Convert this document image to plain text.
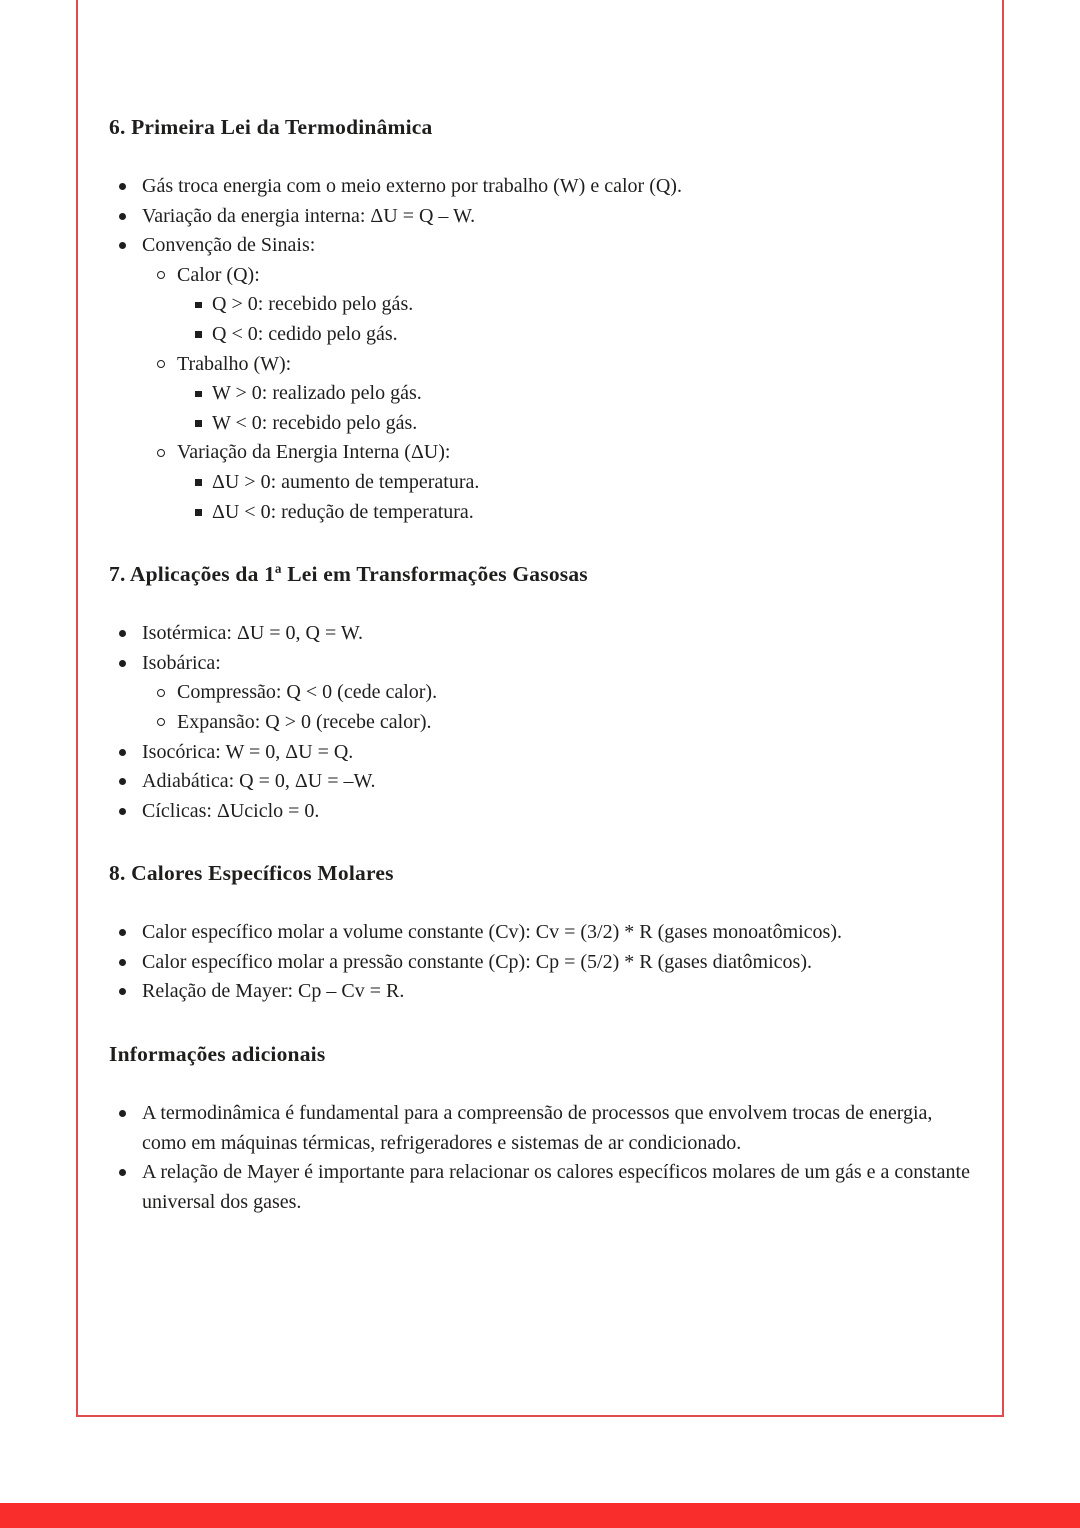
6. Primeira Lei da Termodinâmica
Gás troca energia com o meio externo por trabalho (W) e calor (Q).
Variação da energia interna: ΔU = Q – W.
Convenção de Sinais:
Calor (Q):
Q > 0: recebido pelo gás.
Q < 0: cedido pelo gás.
Trabalho (W):
W > 0: realizado pelo gás.
W < 0: recebido pelo gás.
Variação da Energia Interna (ΔU):
ΔU > 0: aumento de temperatura.
ΔU < 0: redução de temperatura.
7. Aplicações da 1ª Lei em Transformações Gasosas
Isotérmica: ΔU = 0, Q = W.
Isobárica:
Compressão: Q < 0 (cede calor).
Expansão: Q > 0 (recebe calor).
Isocórica: W = 0, ΔU = Q.
Adiabática: Q = 0, ΔU = –W.
Cíclicas: ΔUciclo = 0.
8. Calores Específicos Molares
Calor específico molar a volume constante (Cv): Cv = (3/2) * R (gases monoatômicos).
Calor específico molar a pressão constante (Cp): Cp = (5/2) * R (gases diatômicos).
Relação de Mayer: Cp – Cv = R.
Informações adicionais
A termodinâmica é fundamental para a compreensão de processos que envolvem trocas de energia, como em máquinas térmicas, refrigeradores e sistemas de ar condicionado.
A relação de Mayer é importante para relacionar os calores específicos molares de um gás e a constante universal dos gases.
